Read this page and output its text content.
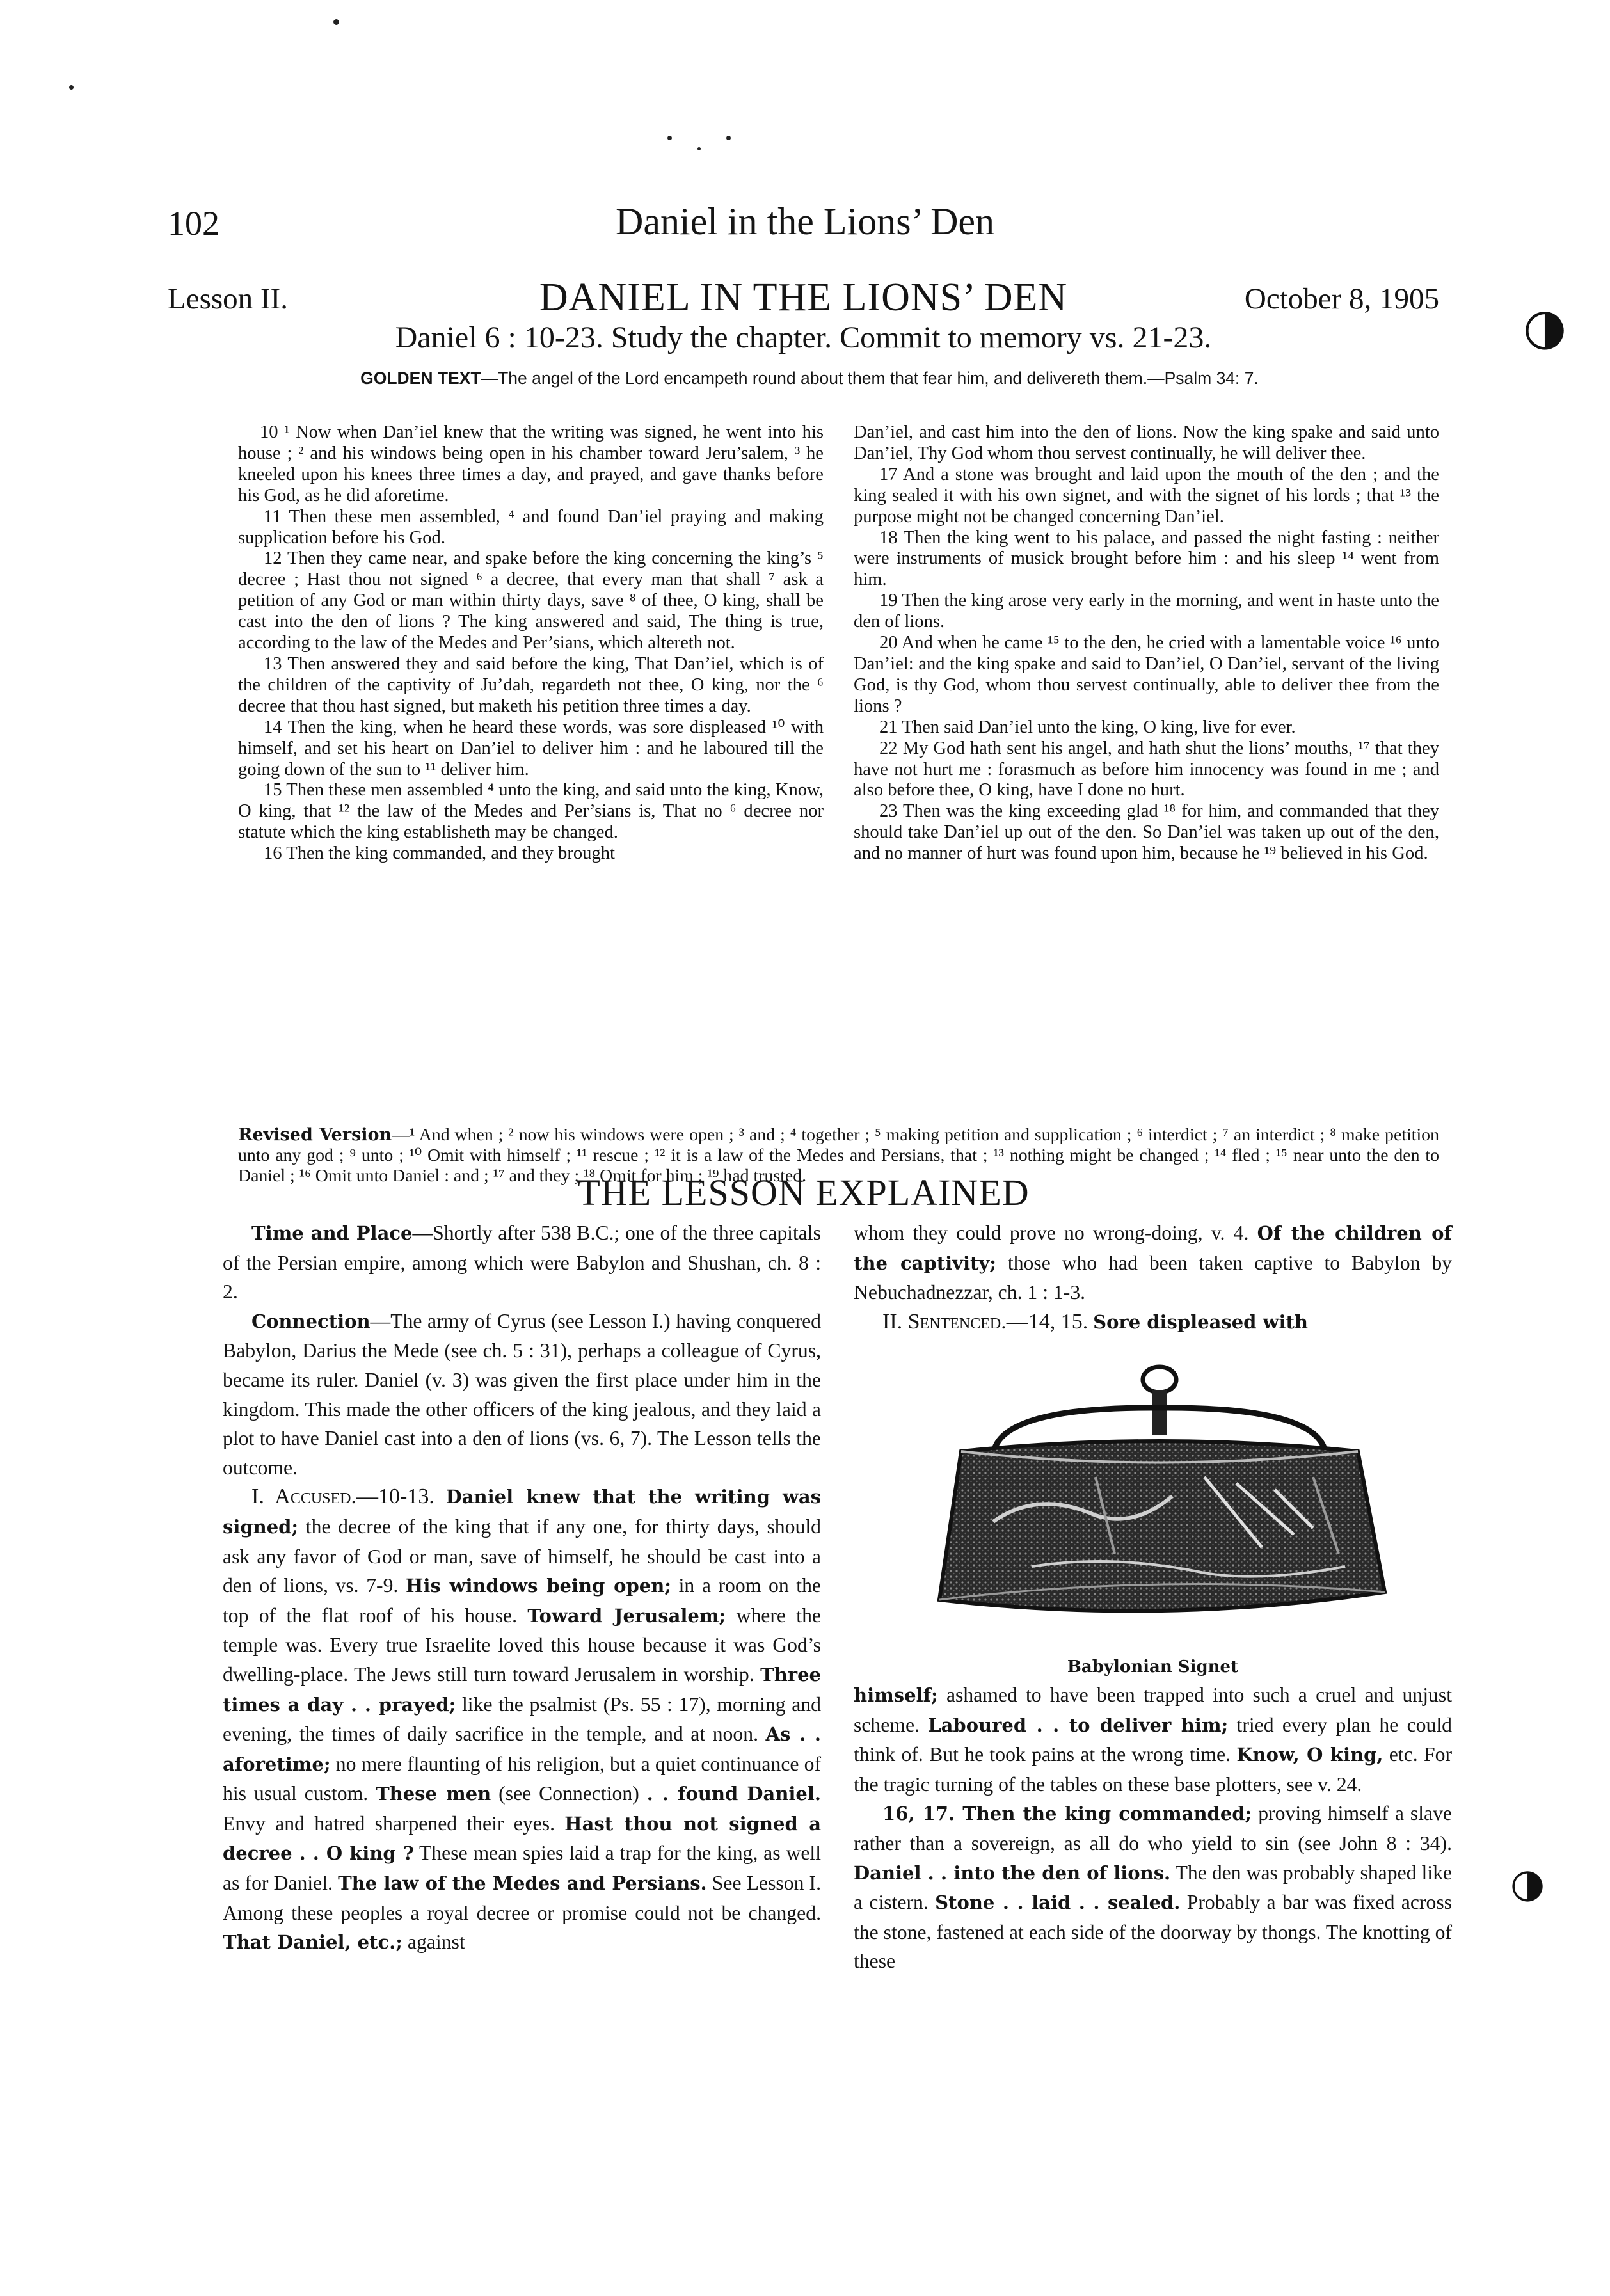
◑
◑
102	Daniel in the Lions’ Den
Lesson II.	DANIEL IN THE LIONS’ DEN	October 8, 1905
Daniel 6 : 10-23. Study the chapter. Commit to memory vs. 21-23.
GOLDEN TEXT—The angel of the Lord encampeth round about them that fear him, and delivereth them.—Psalm 34: 7.

10 ¹ Now when Dan’iel knew that the writing was signed, he went into his house ; ² and his windows being open in his chamber toward Jeru’salem, ³ he kneeled upon his knees three times a day, and prayed, and gave thanks before his God, as he did aforetime.

11 Then these men assembled, ⁴ and found Dan’iel praying and making supplication before his God.

12 Then they came near, and spake before the king concerning the king’s ⁵ decree ; Hast thou not signed ⁶ a decree, that every man that shall ⁷ ask a petition of any God or man within thirty days, save ⁸ of thee, O king, shall be cast into the den of lions ? The king answered and said, The thing is true, according to the law of the Medes and Per’sians, which altereth not.

13 Then answered they and said before the king, That Dan’iel, which is of the children of the captivity of Ju’dah, regardeth not thee, O king, nor the ⁶ decree that thou hast signed, but maketh his petition three times a day.

14 Then the king, when he heard these words, was sore displeased ¹⁰ with himself, and set his heart on Dan’iel to deliver him : and he laboured till the going down of the sun to ¹¹ deliver him.

15 Then these men assembled ⁴ unto the king, and said unto the king, Know, O king, that ¹² the law of the Medes and Per’sians is, That no ⁶ decree nor statute which the king establisheth may be changed.

16 Then the king commanded, and they brought

Dan’iel, and cast him into the den of lions. Now the king spake and said unto Dan’iel, Thy God whom thou servest continually, he will deliver thee.

17 And a stone was brought and laid upon the mouth of the den ; and the king sealed it with his own signet, and with the signet of his lords ; that ¹³ the purpose might not be changed concerning Dan’iel.

18 Then the king went to his palace, and passed the night fasting : neither were instruments of musick brought before him : and his sleep ¹⁴ went from him.

19 Then the king arose very early in the morning, and went in haste unto the den of lions.

20 And when he came ¹⁵ to the den, he cried with a lamentable voice ¹⁶ unto Dan’iel: and the king spake and said to Dan’iel, O Dan’iel, servant of the living God, is thy God, whom thou servest continually, able to deliver thee from the lions ?

21 Then said Dan’iel unto the king, O king, live for ever.

22 My God hath sent his angel, and hath shut the lions’ mouths, ¹⁷ that they have not hurt me : forasmuch as before him innocency was found in me ; and also before thee, O king, have I done no hurt.

23 Then was the king exceeding glad ¹⁸ for him, and commanded that they should take Dan’iel up out of the den. So Dan’iel was taken up out of the den, and no manner of hurt was found upon him, because he ¹⁹ believed in his God.

Revised Version—¹ And when ; ² now his windows were open ; ³ and ; ⁴ together ; ⁵ making petition and supplication ; ⁶ interdict ; ⁷ an interdict ; ⁸ make petition unto any god ; ⁹ unto ; ¹⁰ Omit with himself ; ¹¹ rescue ; ¹² it is a law of the Medes and Persians, that ; ¹³ nothing might be changed ; ¹⁴ fled ; ¹⁵ near unto the den to Daniel ; ¹⁶ Omit unto Daniel : and ; ¹⁷ and they ; ¹⁸ Omit for him ; ¹⁹ had trusted.
THE LESSON EXPLAINED

Time and Place—Shortly after 538 B.C.; one of the three capitals of the Persian empire, among which were Babylon and Shushan, ch. 8 : 2.

Connection—The army of Cyrus (see Lesson I.) having conquered Babylon, Darius the Mede (see ch. 5 : 31), perhaps a colleague of Cyrus, became its ruler. Daniel (v. 3) was given the first place under him in the kingdom. This made the other officers of the king jealous, and they laid a plot to have Daniel cast into a den of lions (vs. 6, 7). The Lesson tells the outcome.

I. Accused.—10-13. Daniel knew that the writing was signed; the decree of the king that if any one, for thirty days, should ask any favor of God or man, save of himself, he should be cast into a den of lions, vs. 7-9. His windows being open; in a room on the top of the flat roof of his house. Toward Jerusalem; where the temple was. Every true Israelite loved this house because it was God’s dwelling-place. The Jews still turn toward Jerusalem in worship. Three times a day . . prayed; like the psalmist (Ps. 55 : 17), morning and evening, the times of daily sacrifice in the temple, and at noon. As . . aforetime; no mere flaunting of his religion, but a quiet continuance of his usual custom. These men (see Connection) . . found Daniel. Envy and hatred sharpened their eyes. Hast thou not signed a decree . . O king ? These mean spies laid a trap for the king, as well as for Daniel. The law of the Medes and Persians. See Lesson I. Among these peoples a royal decree or promise could not be changed. That Daniel, etc.; against

whom they could prove no wrong-doing, v. 4. Of the children of the captivity; those who had been taken captive to Babylon by Nebuchadnezzar, ch. 1 : 1-3.

II. Sentenced.—14, 15. Sore displeased with

Babylonian Signet

himself; ashamed to have been trapped into such a cruel and unjust scheme. Laboured . . to deliver him; tried every plan he could think of. But he took pains at the wrong time. Know, O king, etc. For the tragic turning of the tables on these base plotters, see v. 24.

16, 17. Then the king commanded; proving himself a slave rather than a sovereign, as all do who yield to sin (see John 8 : 34). Daniel . . into the den of lions. The den was probably shaped like a cistern. Stone . . laid . . sealed. Probably a bar was fixed across the stone, fastened at each side of the doorway by thongs. The knotting of these
